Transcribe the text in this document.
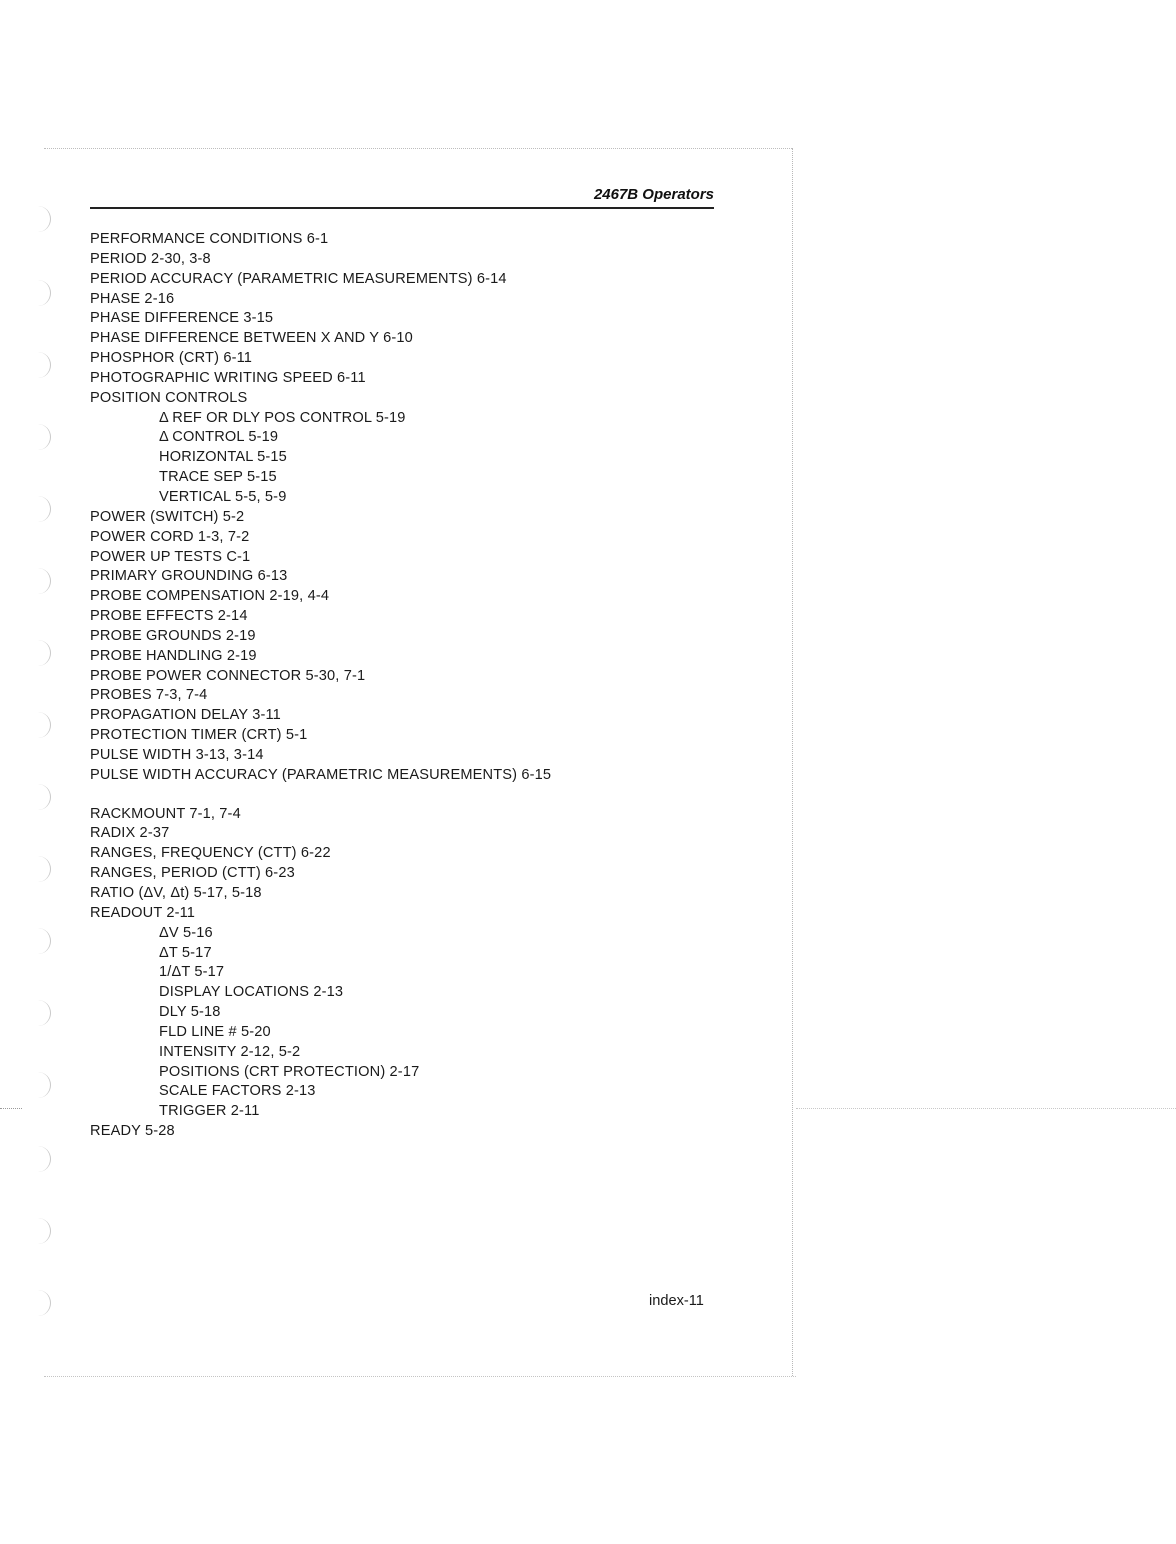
2467B Operators
PERFORMANCE CONDITIONS 6-1
PERIOD 2-30, 3-8
PERIOD ACCURACY (PARAMETRIC MEASUREMENTS) 6-14
PHASE 2-16
PHASE DIFFERENCE 3-15
PHASE DIFFERENCE BETWEEN X AND Y 6-10
PHOSPHOR (CRT) 6-11
PHOTOGRAPHIC WRITING SPEED 6-11
POSITION CONTROLS
Δ REF OR DLY POS CONTROL 5-19
Δ CONTROL 5-19
HORIZONTAL 5-15
TRACE SEP 5-15
VERTICAL 5-5, 5-9
POWER (SWITCH) 5-2
POWER CORD 1-3, 7-2
POWER UP TESTS C-1
PRIMARY GROUNDING 6-13
PROBE COMPENSATION 2-19, 4-4
PROBE EFFECTS 2-14
PROBE GROUNDS 2-19
PROBE HANDLING 2-19
PROBE POWER CONNECTOR 5-30, 7-1
PROBES 7-3, 7-4
PROPAGATION DELAY 3-11
PROTECTION TIMER (CRT) 5-1
PULSE WIDTH 3-13, 3-14
PULSE WIDTH ACCURACY (PARAMETRIC MEASUREMENTS) 6-15
RACKMOUNT 7-1, 7-4
RADIX 2-37
RANGES, FREQUENCY (CTT) 6-22
RANGES, PERIOD (CTT) 6-23
RATIO (ΔV, Δt) 5-17, 5-18
READOUT 2-11
ΔV 5-16
ΔT 5-17
1/ΔT 5-17
DISPLAY LOCATIONS 2-13
DLY 5-18
FLD LINE # 5-20
INTENSITY 2-12, 5-2
POSITIONS (CRT PROTECTION) 2-17
SCALE FACTORS 2-13
TRIGGER 2-11
READY 5-28
index-11
